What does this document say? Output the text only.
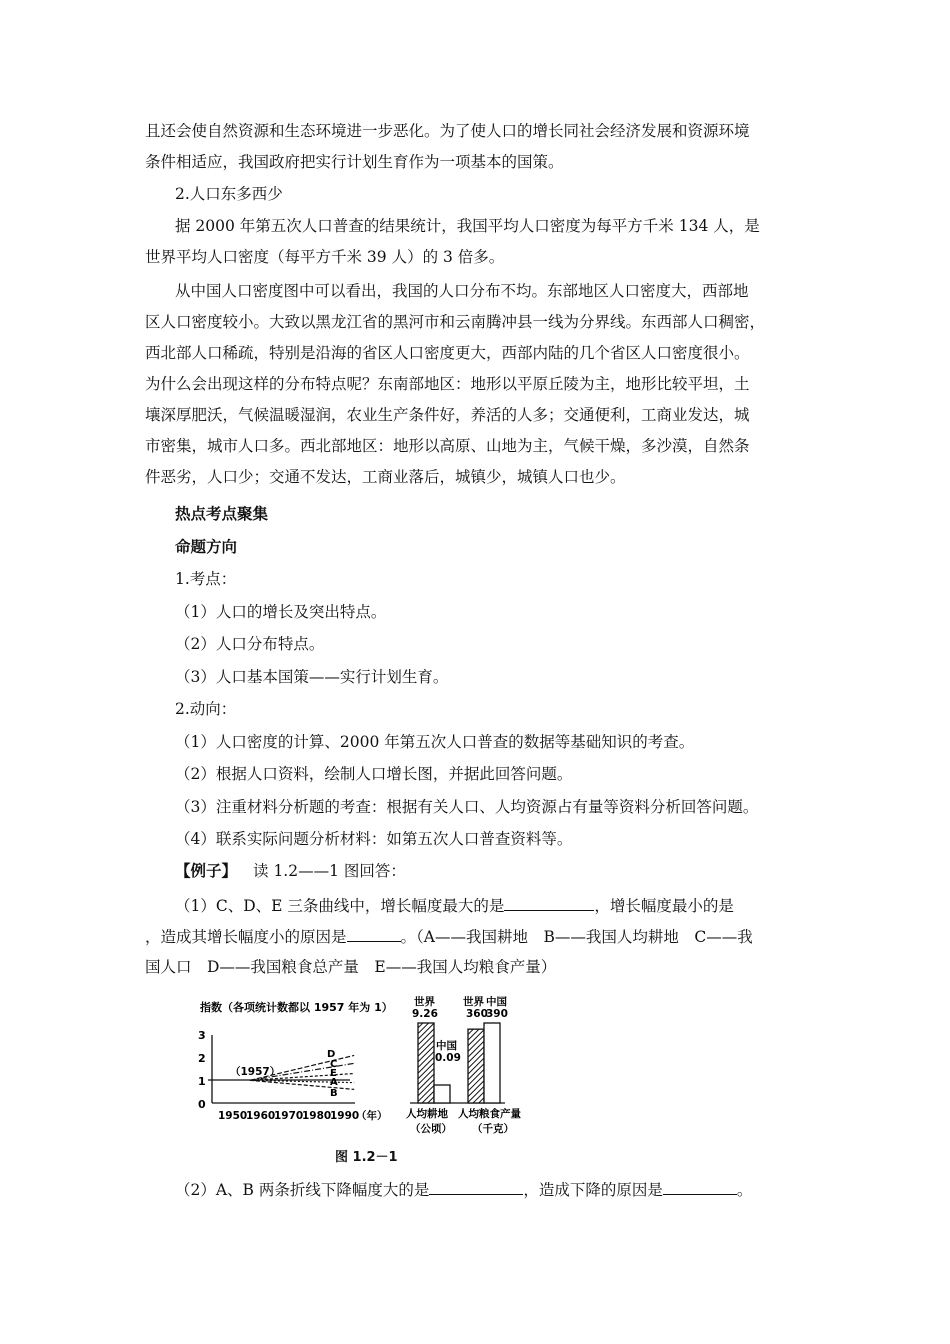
且还会使自然资源和生态环境进一步恶化。为了使人口的增长同社会经济发展和资源环境
条件相适应，我国政府把实行计划生育作为一项基本的国策。
2.人口东多西少
据 2000 年第五次人口普查的结果统计，我国平均人口密度为每平方千米 134 人，是
世界平均人口密度（每平方千米 39 人）的 3 倍多。
从中国人口密度图中可以看出，我国的人口分布不均。东部地区人口密度大，西部地
区人口密度较小。大致以黑龙江省的黑河市和云南腾冲县一线为分界线。东西部人口稠密，
西北部人口稀疏，特别是沿海的省区人口密度更大，西部内陆的几个省区人口密度很小。
为什么会出现这样的分布特点呢？东南部地区：地形以平原丘陵为主，地形比较平坦，土
壤深厚肥沃，气候温暖湿润，农业生产条件好，养活的人多；交通便利，工商业发达，城
市密集，城市人口多。西北部地区：地形以高原、山地为主，气候干燥，多沙漠，自然条
件恶劣，人口少；交通不发达，工商业落后，城镇少，城镇人口也少。
热点考点聚集
命题方向
1.考点：
（1）人口的增长及突出特点。
（2）人口分布特点。
（3）人口基本国策——实行计划生育。
2.动向：
（1）人口密度的计算、2000 年第五次人口普查的数据等基础知识的考查。
（2）根据人口资料，绘制人口增长图，并据此回答问题。
（3）注重材料分析题的考查：根据有关人口、人均资源占有量等资料分析回答问题。
（4）联系实际问题分析材料：如第五次人口普查资料等。
【例子】 读 1.2——1 图回答：
（1）C、D、E 三条曲线中，增长幅度最大的是	，增长幅度最小的是
，造成其增长幅度小的原因是	。（A——我国耕地　B——我国人均耕地　C——我
国人口　D——我国粮食总产量　E——我国人均粮食产量）
指数（各项统计数都以 1957 年为 1）
3
2
1
0
（1957）
D
C
E
A
B
1950
1960
1970
1980
1990
（年）
世界
9.26
中国
0.09
世界
360
中国
390
人均耕地
（公顷）
人均粮食产量
（千克）
图 1.2－1
（2）A、B 两条折线下降幅度大的是	，造成下降的原因是	。
